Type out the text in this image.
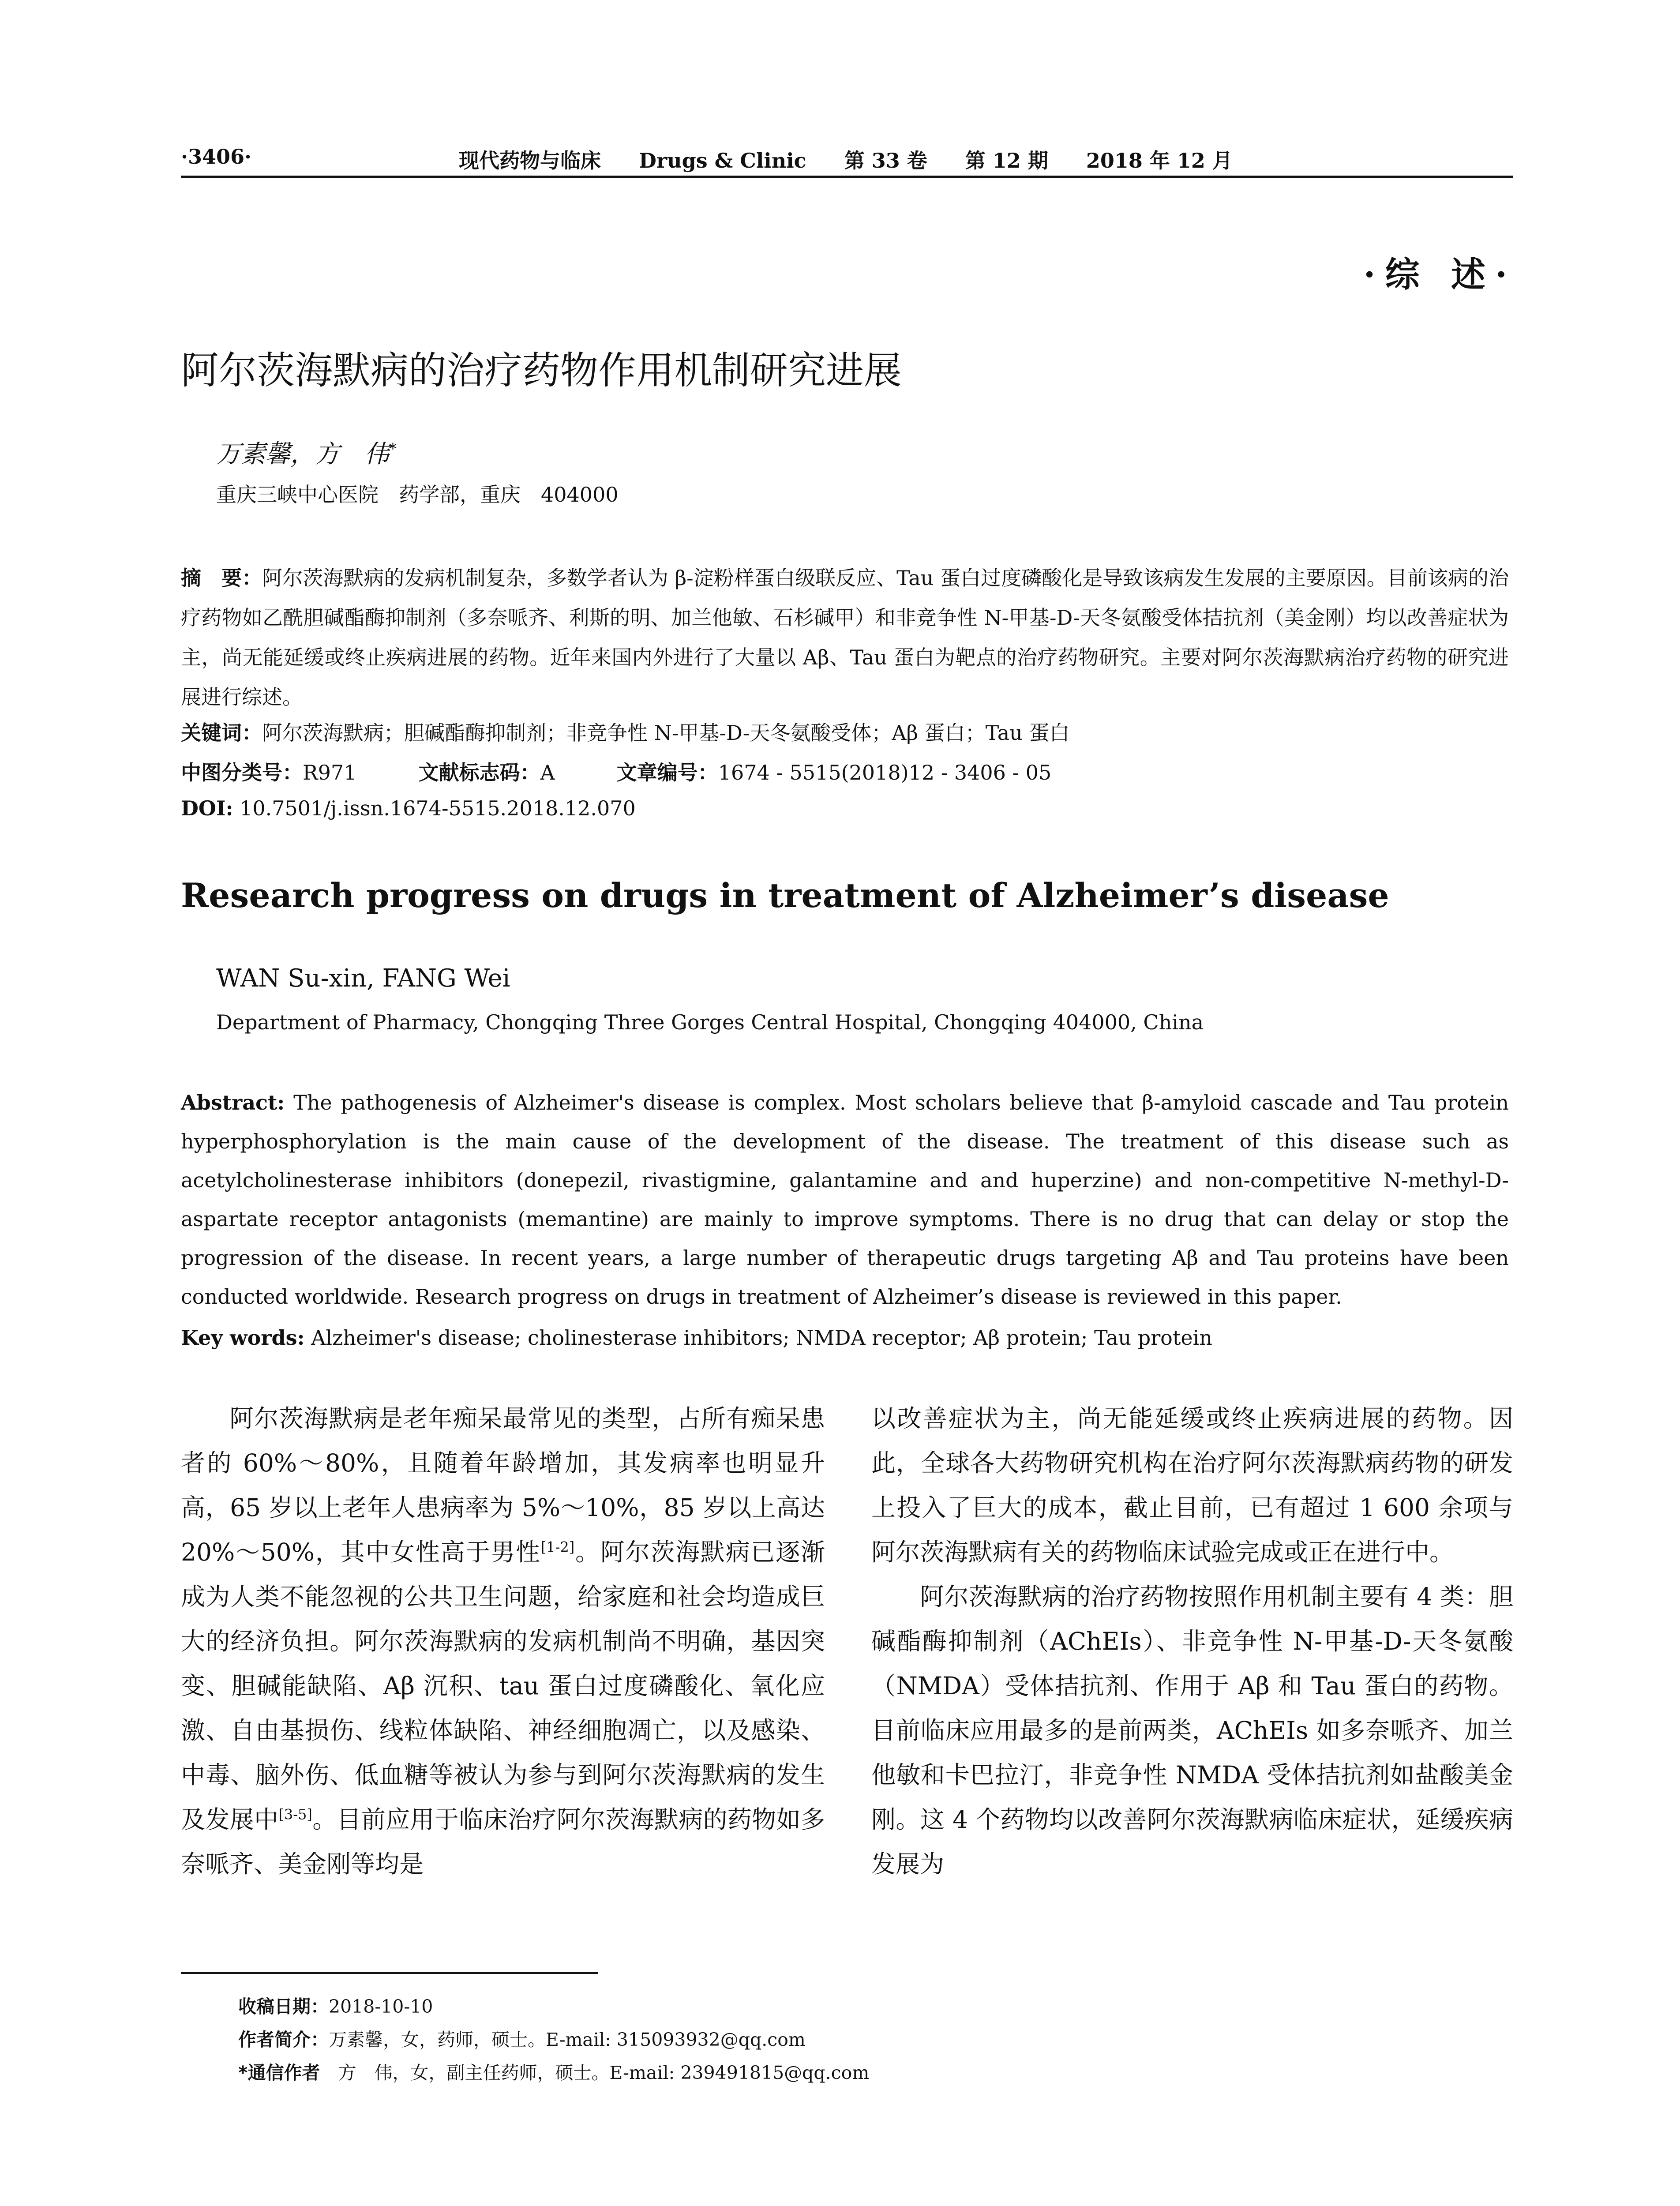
·3406·	现代药物与临床 Drugs & Clinic 第 33 卷 第 12 期 2018 年 12 月
·综 述·
阿尔茨海默病的治疗药物作用机制研究进展
万素馨，方　伟*
重庆三峡中心医院　药学部，重庆　404000
摘　要：阿尔茨海默病的发病机制复杂，多数学者认为 β-淀粉样蛋白级联反应、Tau 蛋白过度磷酸化是导致该病发生发展的主要原因。目前该病的治疗药物如乙酰胆碱酯酶抑制剂（多奈哌齐、利斯的明、加兰他敏、石杉碱甲）和非竞争性 N-甲基-D-天冬氨酸受体拮抗剂（美金刚）均以改善症状为主，尚无能延缓或终止疾病进展的药物。近年来国内外进行了大量以 Aβ、Tau 蛋白为靶点的治疗药物研究。主要对阿尔茨海默病治疗药物的研究进展进行综述。
关键词：阿尔茨海默病；胆碱酯酶抑制剂；非竞争性 N-甲基-D-天冬氨酸受体；Aβ 蛋白；Tau 蛋白
中图分类号：R971	文献标志码：A	文章编号：1674 - 5515(2018)12 - 3406 - 05
DOI: 10.7501/j.issn.1674-5515.2018.12.070
Research progress on drugs in treatment of Alzheimer’s disease
WAN Su-xin, FANG Wei
Department of Pharmacy, Chongqing Three Gorges Central Hospital, Chongqing 404000, China
Abstract: The pathogenesis of Alzheimer's disease is complex. Most scholars believe that β-amyloid cascade and Tau protein hyperphosphorylation is the main cause of the development of the disease. The treatment of this disease such as acetylcholinesterase inhibitors (donepezil, rivastigmine, galantamine and and huperzine) and non-competitive N-methyl-D-aspartate receptor antagonists (memantine) are mainly to improve symptoms. There is no drug that can delay or stop the progression of the disease. In recent years, a large number of therapeutic drugs targeting Aβ and Tau proteins have been conducted worldwide. Research progress on drugs in treatment of Alzheimer’s disease is reviewed in this paper.
Key words: Alzheimer's disease; cholinesterase inhibitors; NMDA receptor; Aβ protein; Tau protein

阿尔茨海默病是老年痴呆最常见的类型，占所有痴呆患者的 60%～80%，且随着年龄增加，其发病率也明显升高，65 岁以上老年人患病率为 5%～10%，85 岁以上高达 20%～50%，其中女性高于男性[1-2]。阿尔茨海默病已逐渐成为人类不能忽视的公共卫生问题，给家庭和社会均造成巨大的经济负担。阿尔茨海默病的发病机制尚不明确，基因突变、胆碱能缺陷、Aβ 沉积、tau 蛋白过度磷酸化、氧化应激、自由基损伤、线粒体缺陷、神经细胞凋亡，以及感染、中毒、脑外伤、低血糖等被认为参与到阿尔茨海默病的发生及发展中[3-5]。目前应用于临床治疗阿尔茨海默病的药物如多奈哌齐、美金刚等均是

以改善症状为主，尚无能延缓或终止疾病进展的药物。因此，全球各大药物研究机构在治疗阿尔茨海默病药物的研发上投入了巨大的成本，截止目前，已有超过 1 600 余项与阿尔茨海默病有关的药物临床试验完成或正在进行中。

阿尔茨海默病的治疗药物按照作用机制主要有 4 类：胆碱酯酶抑制剂（AChEIs）、非竞争性 N-甲基-D-天冬氨酸（NMDA）受体拮抗剂、作用于 Aβ 和 Tau 蛋白的药物。目前临床应用最多的是前两类，AChEIs 如多奈哌齐、加兰他敏和卡巴拉汀，非竞争性 NMDA 受体拮抗剂如盐酸美金刚。这 4 个药物均以改善阿尔茨海默病临床症状，延缓疾病发展为

收稿日期：2018-10-10
作者简介：万素馨，女，药师，硕士。E-mail: 315093932@qq.com
*通信作者　方　伟，女，副主任药师，硕士。E-mail: 239491815@qq.com
